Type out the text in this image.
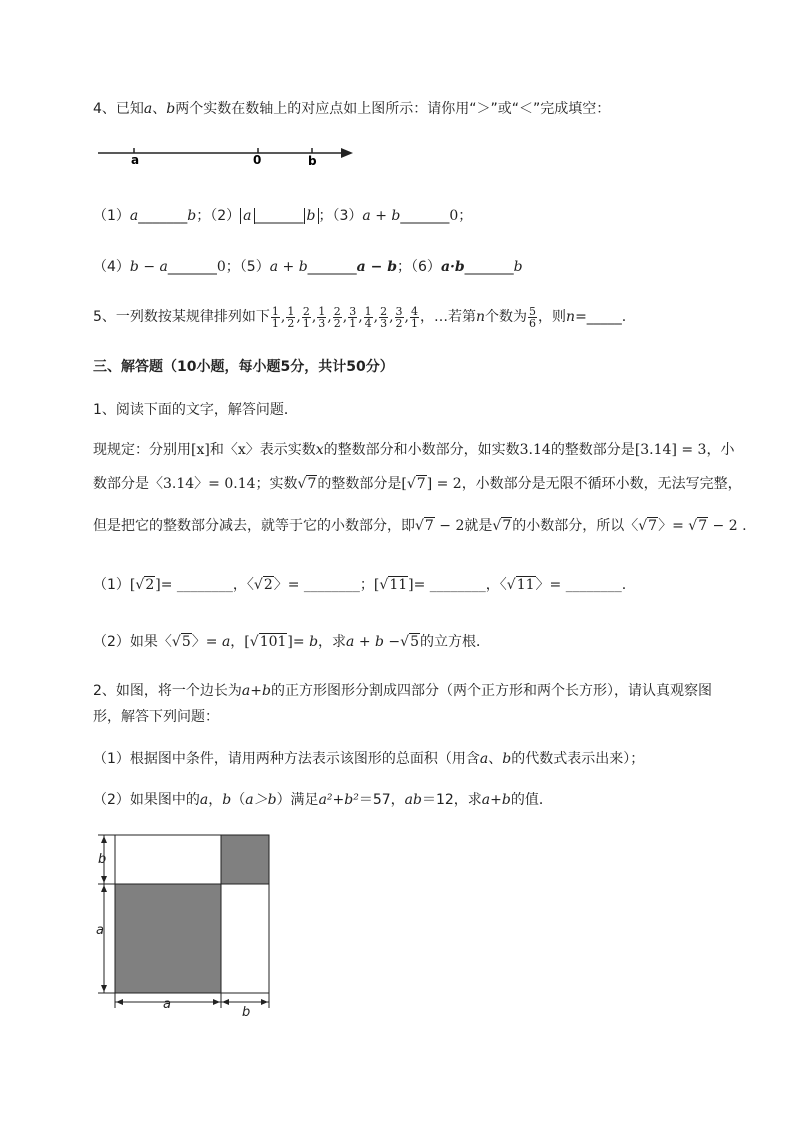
4、已知a、b两个实数在数轴上的对应点如上图所示：请你用“＞”或“＜”完成填空：
a	0	b
（1）a_______b；（2） a _______ b ；（3）a + b_______0；
（4）b − a_______0；（5）a + b_______a − b；（6）a·b_______b
5、一列数按某规律排列如下 $\frac{1}{1}$ , $\frac{1}{2}$ , $\frac{2}{1}$ , $\frac{1}{3}$ , $\frac{2}{2}$ , $\frac{3}{1}$ , $\frac{1}{4}$ , $\frac{2}{3}$ , $\frac{3}{2}$ , $\frac{4}{1}$ ，…若第n个数为 $\frac{5}{6}$ ，则n=_____.
三、解答题（10小题，每小题5分，共计50分）
1、阅读下面的文字，解答问题．
现规定：分别用[x]和〈x〉表示实数x的整数部分和小数部分，如实数3.14的整数部分是[3.14] = 3，小
数部分是〈3.14〉= 0.14；实数√7的整数部分是[√7] = 2，小数部分是无限不循环小数，无法写完整，
但是把它的整数部分减去，就等于它的小数部分，即√7 − 2就是√7的小数部分，所以〈√7〉= √7 − 2 .
（1）[√2]= ________，〈√2〉= ________；[√11]= ________，〈√11〉= ________.
（2）如果〈√5〉= a，[√101]= b，求a + b −√5的立方根．
2、如图，将一个边长为a+b的正方形图形分割成四部分（两个正方形和两个长方形），请认真观察图
形，解答下列问题：
（1）根据图中条件，请用两种方法表示该图形的总面积（用含a、b的代数式表示出来）；
（2）如果图中的a，b（a＞b）满足a²+b²＝57，ab＝12，求a+b的值．
b
a
a
b
